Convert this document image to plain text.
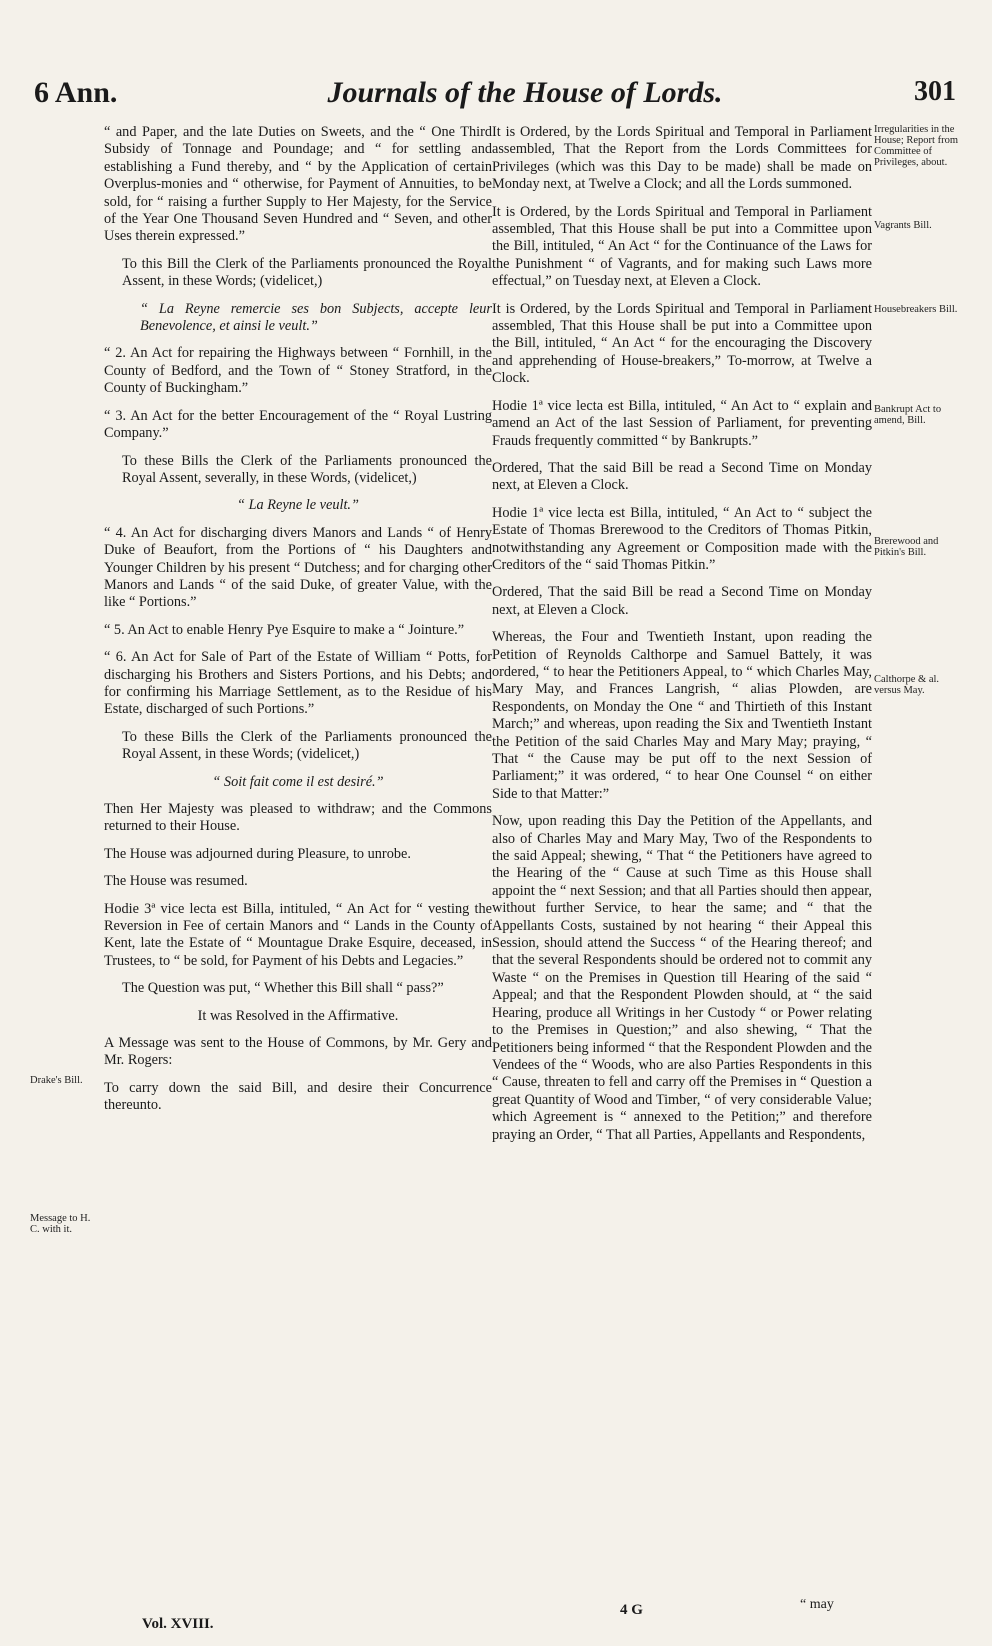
6 Ann.	Journals of the House of Lords.	301

“ and Paper, and the late Duties on Sweets, and the “ One Third Subsidy of Tonnage and Poundage; and “ for settling and establishing a Fund thereby, and “ by the Application of certain Overplus-monies and “ otherwise, for Payment of Annuities, to be sold, for “ raising a further Supply to Her Majesty, for the Service of the Year One Thousand Seven Hundred and “ Seven, and other Uses therein expressed.”

To this Bill the Clerk of the Parliaments pronounced the Royal Assent, in these Words; (videlicet,)

“ La Reyne remercie ses bon Subjects, accepte leur Benevolence, et ainsi le veult.”

“ 2. An Act for repairing the Highways between “ Fornhill, in the County of Bedford, and the Town of “ Stoney Stratford, in the County of Buckingham.”

“ 3. An Act for the better Encouragement of the “ Royal Lustring Company.”

To these Bills the Clerk of the Parliaments pronounced the Royal Assent, severally, in these Words, (videlicet,)

“ La Reyne le veult.”

“ 4. An Act for discharging divers Manors and Lands “ of Henry Duke of Beaufort, from the Portions of “ his Daughters and Younger Children by his present “ Dutchess; and for charging other Manors and Lands “ of the said Duke, of greater Value, with the like “ Portions.”

“ 5. An Act to enable Henry Pye Esquire to make a “ Jointure.”

“ 6. An Act for Sale of Part of the Estate of William “ Potts, for discharging his Brothers and Sisters Portions, and his Debts; and for confirming his Marriage Settlement, as to the Residue of his Estate, discharged of such Portions.”

To these Bills the Clerk of the Parliaments pronounced the Royal Assent, in these Words; (videlicet,)

“ Soit fait come il est desiré.”

Then Her Majesty was pleased to withdraw; and the Commons returned to their House.

The House was adjourned during Pleasure, to unrobe.

The House was resumed.

Hodie 3ª vice lecta est Billa, intituled, “ An Act for “ vesting the Reversion in Fee of certain Manors and “ Lands in the County of Kent, late the Estate of “ Mountague Drake Esquire, deceased, in Trustees, to “ be sold, for Payment of his Debts and Legacies.”

The Question was put, “ Whether this Bill shall “ pass?”

It was Resolved in the Affirmative.

A Message was sent to the House of Commons, by Mr. Gery and Mr. Rogers:

To carry down the said Bill, and desire their Concurrence thereunto.

It is Ordered, by the Lords Spiritual and Temporal in Parliament assembled, That the Report from the Lords Committees for Privileges (which was this Day to be made) shall be made on Monday next, at Twelve a Clock; and all the Lords summoned.

It is Ordered, by the Lords Spiritual and Temporal in Parliament assembled, That this House shall be put into a Committee upon the Bill, intituled, “ An Act “ for the Continuance of the Laws for the Punishment “ of Vagrants, and for making such Laws more effectual,” on Tuesday next, at Eleven a Clock.

It is Ordered, by the Lords Spiritual and Temporal in Parliament assembled, That this House shall be put into a Committee upon the Bill, intituled, “ An Act “ for the encouraging the Discovery and apprehending of House-breakers,” To-morrow, at Twelve a Clock.

Hodie 1ª vice lecta est Billa, intituled, “ An Act to “ explain and amend an Act of the last Session of Parliament, for preventing Frauds frequently committed “ by Bankrupts.”

Ordered, That the said Bill be read a Second Time on Monday next, at Eleven a Clock.

Hodie 1ª vice lecta est Billa, intituled, “ An Act to “ subject the Estate of Thomas Brerewood to the Creditors of Thomas Pitkin, notwithstanding any Agreement or Composition made with the Creditors of the “ said Thomas Pitkin.”

Ordered, That the said Bill be read a Second Time on Monday next, at Eleven a Clock.

Whereas, the Four and Twentieth Instant, upon reading the Petition of Reynolds Calthorpe and Samuel Battely, it was ordered, “ to hear the Petitioners Appeal, to “ which Charles May, Mary May, and Frances Langrish, “ alias Plowden, are Respondents, on Monday the One “ and Thirtieth of this Instant March;” and whereas, upon reading the Six and Twentieth Instant the Petition of the said Charles May and Mary May; praying, “ That “ the Cause may be put off to the next Session of Parliament;” it was ordered, “ to hear One Counsel “ on either Side to that Matter:”

Now, upon reading this Day the Petition of the Appellants, and also of Charles May and Mary May, Two of the Respondents to the said Appeal; shewing, “ That “ the Petitioners have agreed to the Hearing of the “ Cause at such Time as this House shall appoint the “ next Session; and that all Parties should then appear, without further Service, to hear the same; and “ that the Appellants Costs, sustained by not hearing “ their Appeal this Session, should attend the Success “ of the Hearing thereof; and that the several Respondents should be ordered not to commit any Waste “ on the Premises in Question till Hearing of the said “ Appeal; and that the Respondent Plowden should, at “ the said Hearing, produce all Writings in her Custody “ or Power relating to the Premises in Question;” and also shewing, “ That the Petitioners being informed “ that the Respondent Plowden and the Vendees of the “ Woods, who are also Parties Respondents in this “ Cause, threaten to fell and carry off the Premises in “ Question a great Quantity of Wood and Timber, “ of very considerable Value; which Agreement is “ annexed to the Petition;” and therefore praying an Order, “ That all Parties, Appellants and Respondents,

Drake's Bill.
Message to H. C. with it.
Irregularities in the House; Report from Committee of Privileges, about.
Vagrants Bill.
Housebreakers Bill.
Bankrupt Act to amend, Bill.
Brerewood and Pitkin's Bill.
Calthorpe & al. versus May.
Vol. XVIII.
4 G	“ may
